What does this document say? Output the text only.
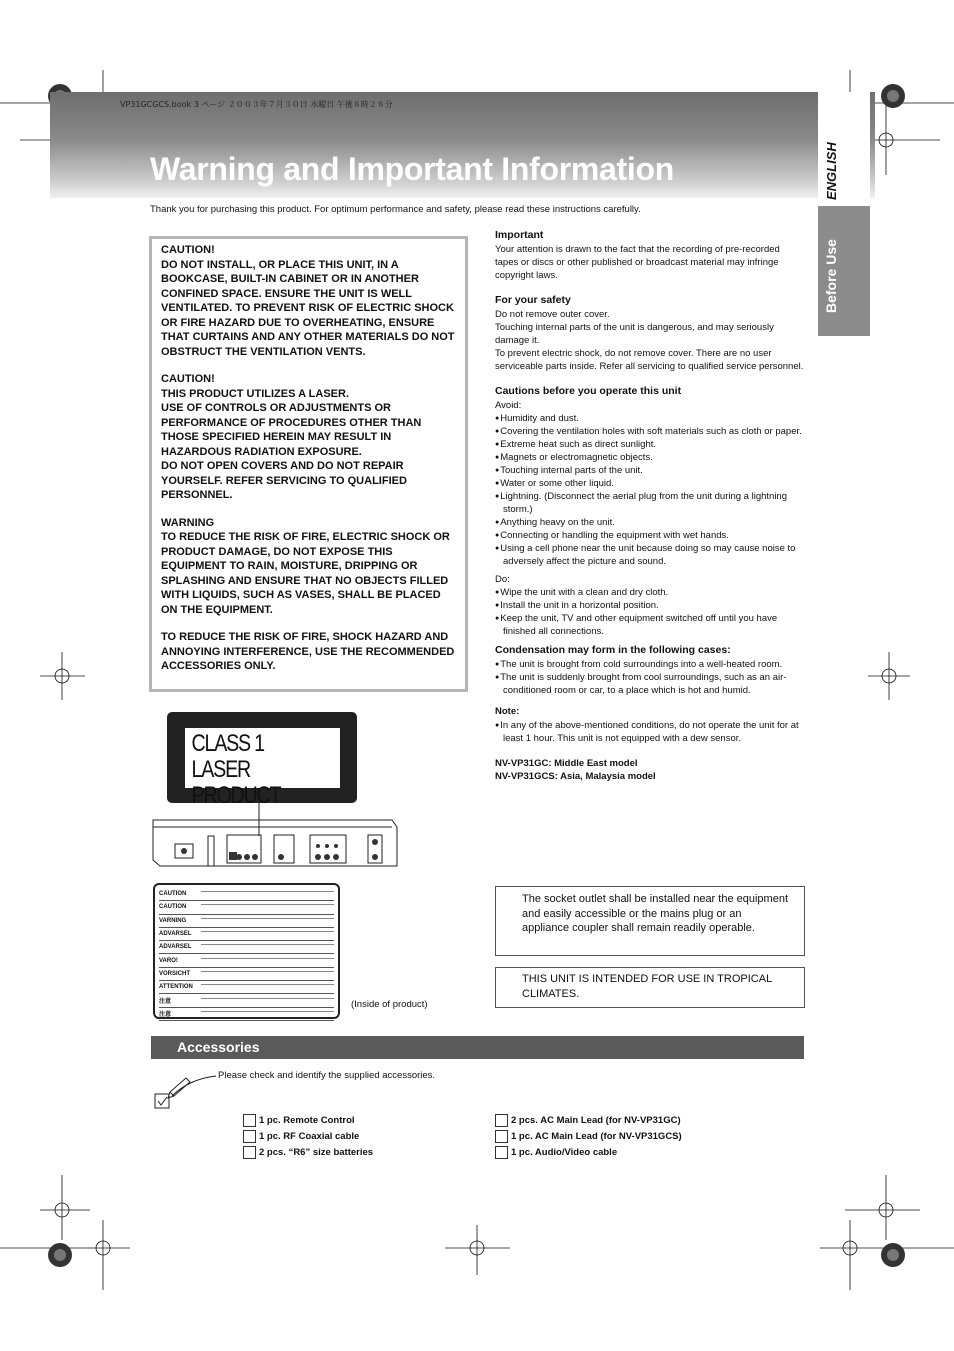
VP31GCGCS.book 3 ページ ２００３年７月３０日 水曜日 午後８時２８分
Warning and Important Information
Thank you for purchasing this product. For optimum performance and safety, please read these instructions carefully.
ENGLISH
Before Use

CAUTION!
DO NOT INSTALL, OR PLACE THIS UNIT, IN A BOOKCASE, BUILT-IN CABINET OR IN ANOTHER CONFINED SPACE. ENSURE THE UNIT IS WELL VENTILATED. TO PREVENT RISK OF ELECTRIC SHOCK OR FIRE HAZARD DUE TO OVERHEATING, ENSURE THAT CURTAINS AND ANY OTHER MATERIALS DO NOT OBSTRUCT THE VENTILATION VENTS.

CAUTION!
THIS PRODUCT UTILIZES A LASER.
USE OF CONTROLS OR ADJUSTMENTS OR PERFORMANCE OF PROCEDURES OTHER THAN THOSE SPECIFIED HEREIN MAY RESULT IN HAZARDOUS RADIATION EXPOSURE.
DO NOT OPEN COVERS AND DO NOT REPAIR YOURSELF. REFER SERVICING TO QUALIFIED PERSONNEL.

WARNING
TO REDUCE THE RISK OF FIRE, ELECTRIC SHOCK OR PRODUCT DAMAGE, DO NOT EXPOSE THIS EQUIPMENT TO RAIN, MOISTURE, DRIPPING OR SPLASHING AND ENSURE THAT NO OBJECTS FILLED WITH LIQUIDS, SUCH AS VASES, SHALL BE PLACED ON THE EQUIPMENT.

TO REDUCE THE RISK OF FIRE, SHOCK HAZARD AND ANNOYING INTERFERENCE, USE THE RECOMMENDED ACCESSORIES ONLY.

Important
Your attention is drawn to the fact that the recording of pre-recorded tapes or discs or other published or broadcast material may infringe copyright laws.
For your safety
Do not remove outer cover.
Touching internal parts of the unit is dangerous, and may seriously damage it.
To prevent electric shock, do not remove cover. There are no user serviceable parts inside. Refer all servicing to qualified service personnel.
Cautions before you operate this unit
Avoid:
● Humidity and dust.
● Covering the ventilation holes with soft materials such as cloth or paper.
● Extreme heat such as direct sunlight.
● Magnets or electromagnetic objects.
● Touching internal parts of the unit.
● Water or some other liquid.
● Lightning. (Disconnect the aerial plug from the unit during a lightning storm.)
● Anything heavy on the unit.
● Connecting or handling the equipment with wet hands.
● Using a cell phone near the unit because doing so may cause noise to adversely affect the picture and sound.
Do:
● Wipe the unit with a clean and dry cloth.
● Install the unit in a horizontal position.
● Keep the unit, TV and other equipment switched off until you have finished all connections.
Condensation may form in the following cases:
● The unit is brought from cold surroundings into a well-heated room.
● The unit is suddenly brought from cool surroundings, such as an air-conditioned room or car, to a place which is hot and humid.
Note:
● In any of the above-mentioned conditions, do not operate the unit for at least 1 hour. This unit is not equipped with a dew sensor.
NV-VP31GC: Middle East model
NV-VP31GCS: Asia, Malaysia model
CLASS 1
LASER PRODUCT
CAUTION
CAUTION
VARNING
ADVARSEL
ADVARSEL
VARO!
VORSICHT
ATTENTION
注意
注意
(Inside of product)
The socket outlet shall be installed near the equipment and easily accessible or the mains plug or an appliance coupler shall remain readily operable.
THIS UNIT IS INTENDED FOR USE IN TROPICAL CLIMATES.
Accessories
Please check and identify the supplied accessories.
1 pc. Remote Control
1 pc. RF Coaxial cable
2 pcs. “R6” size batteries
2 pcs. AC Main Lead (for NV-VP31GC)
1 pc. AC Main Lead (for NV-VP31GCS)
1 pc. Audio/Video cable
